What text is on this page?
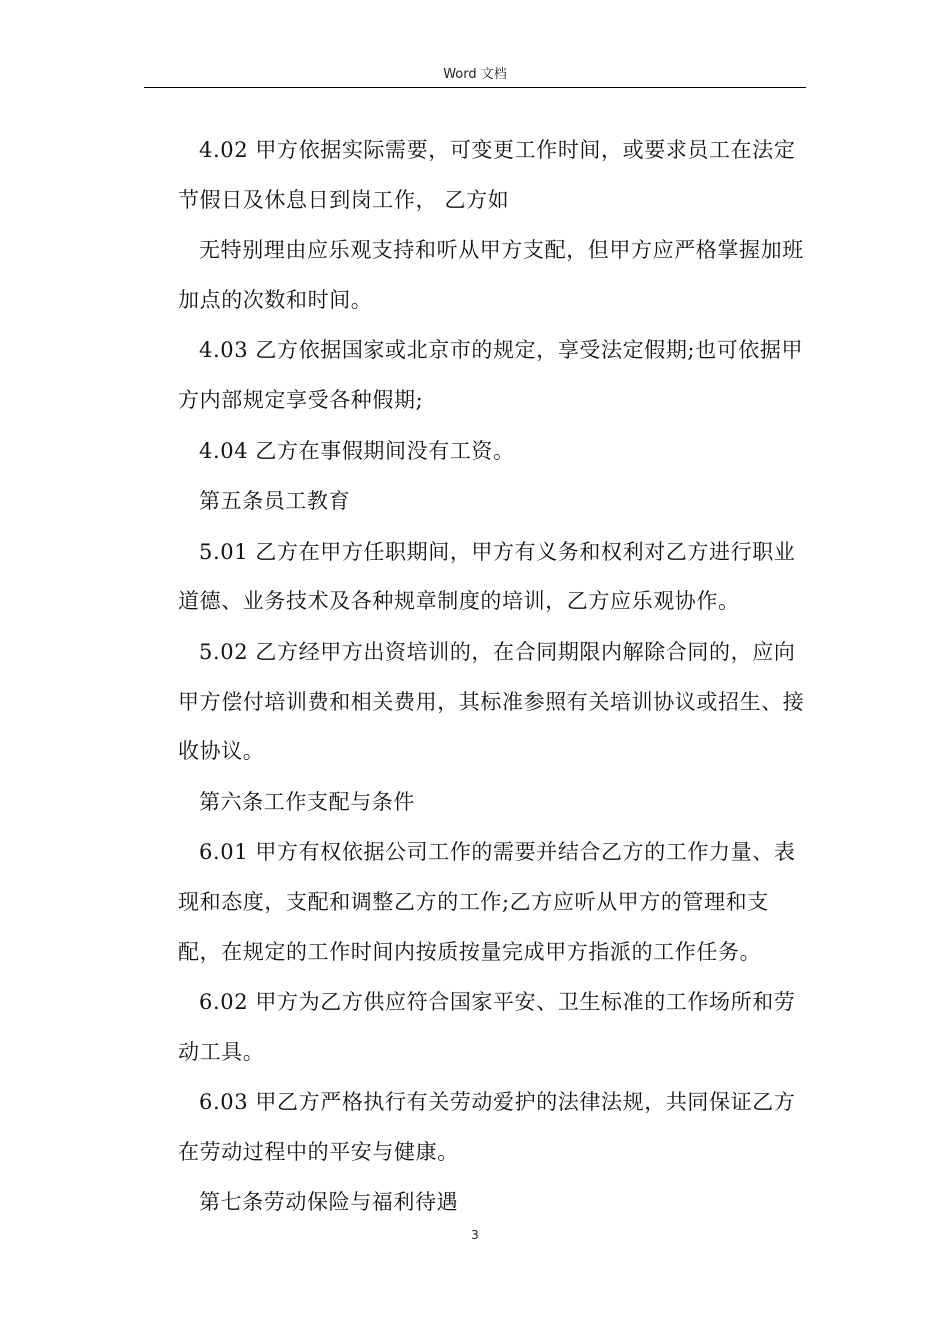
Word 文档

4.02 甲方依据实际需要，可变更工作时间，或要求员工在法定节假日及休息日到岗工作， 乙方如

无特别理由应乐观支持和听从甲方支配，但甲方应严格掌握加班加点的次数和时间。

4.03 乙方依据国家或北京市的规定，享受法定假期;也可依据甲方内部规定享受各种假期;

4.04 乙方在事假期间没有工资。

第五条员工教育

5.01 乙方在甲方任职期间，甲方有义务和权利对乙方进行职业道德、业务技术及各种规章制度的培训，乙方应乐观协作。

5.02 乙方经甲方出资培训的，在合同期限内解除合同的，应向甲方偿付培训费和相关费用，其标准参照有关培训协议或招生、接收协议。

第六条工作支配与条件

6.01 甲方有权依据公司工作的需要并结合乙方的工作力量、表现和态度，支配和调整乙方的工作;乙方应听从甲方的管理和支配，在规定的工作时间内按质按量完成甲方指派的工作任务。

6.02 甲方为乙方供应符合国家平安、卫生标准的工作场所和劳动工具。

6.03 甲乙方严格执行有关劳动爱护的法律法规，共同保证乙方在劳动过程中的平安与健康。

第七条劳动保险与福利待遇

3
